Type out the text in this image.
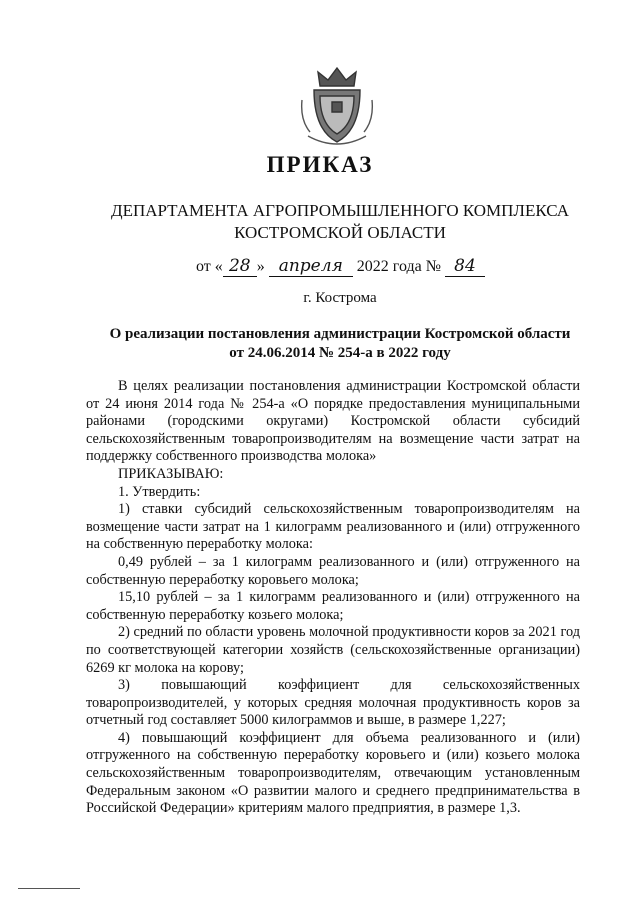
ПРИКАЗ
ДЕПАРТАМЕНТА АГРОПРОМЫШЛЕННОГО КОМПЛЕКСА
КОСТРОМСКОЙ ОБЛАСТИ
от « 28 » апреля 2022 года № 84
г. Кострома
О реализации постановления администрации Костромской области
от 24.06.2014 № 254-а в 2022 году

В целях реализации постановления администрации Костромской области от 24 июня 2014 года № 254-а «О порядке предоставления муниципальными районами (городскими округами) Костромской области субсидий сельскохозяйственным товаропроизводителям на возмещение части затрат на поддержку собственного производства молока»

ПРИКАЗЫВАЮ:

1. Утвердить:

1) ставки субсидий сельскохозяйственным товаропроизводителям на возмещение части затрат на 1 килограмм реализованного и (или) отгруженного на собственную переработку молока:

0,49 рублей – за 1 килограмм реализованного и (или) отгруженного на собственную переработку коровьего молока;

15,10 рублей – за 1 килограмм реализованного и (или) отгруженного на собственную переработку козьего молока;

2) средний по области уровень молочной продуктивности коров за 2021 год по соответствующей категории хозяйств (сельскохозяйственные организации) 6269 кг молока на корову;

3) повышающий коэффициент для сельскохозяйственных товаропроизводителей, у которых средняя молочная продуктивность коров за отчетный год составляет 5000 килограммов и выше, в размере 1,227;

4) повышающий коэффициент для объема реализованного и (или) отгруженного на собственную переработку коровьего и (или) козьего молока сельскохозяйственным товаропроизводителям, отвечающим установленным Федеральным законом «О развитии малого и среднего предпринимательства в Российской Федерации» критериям малого предприятия, в размере 1,3.
